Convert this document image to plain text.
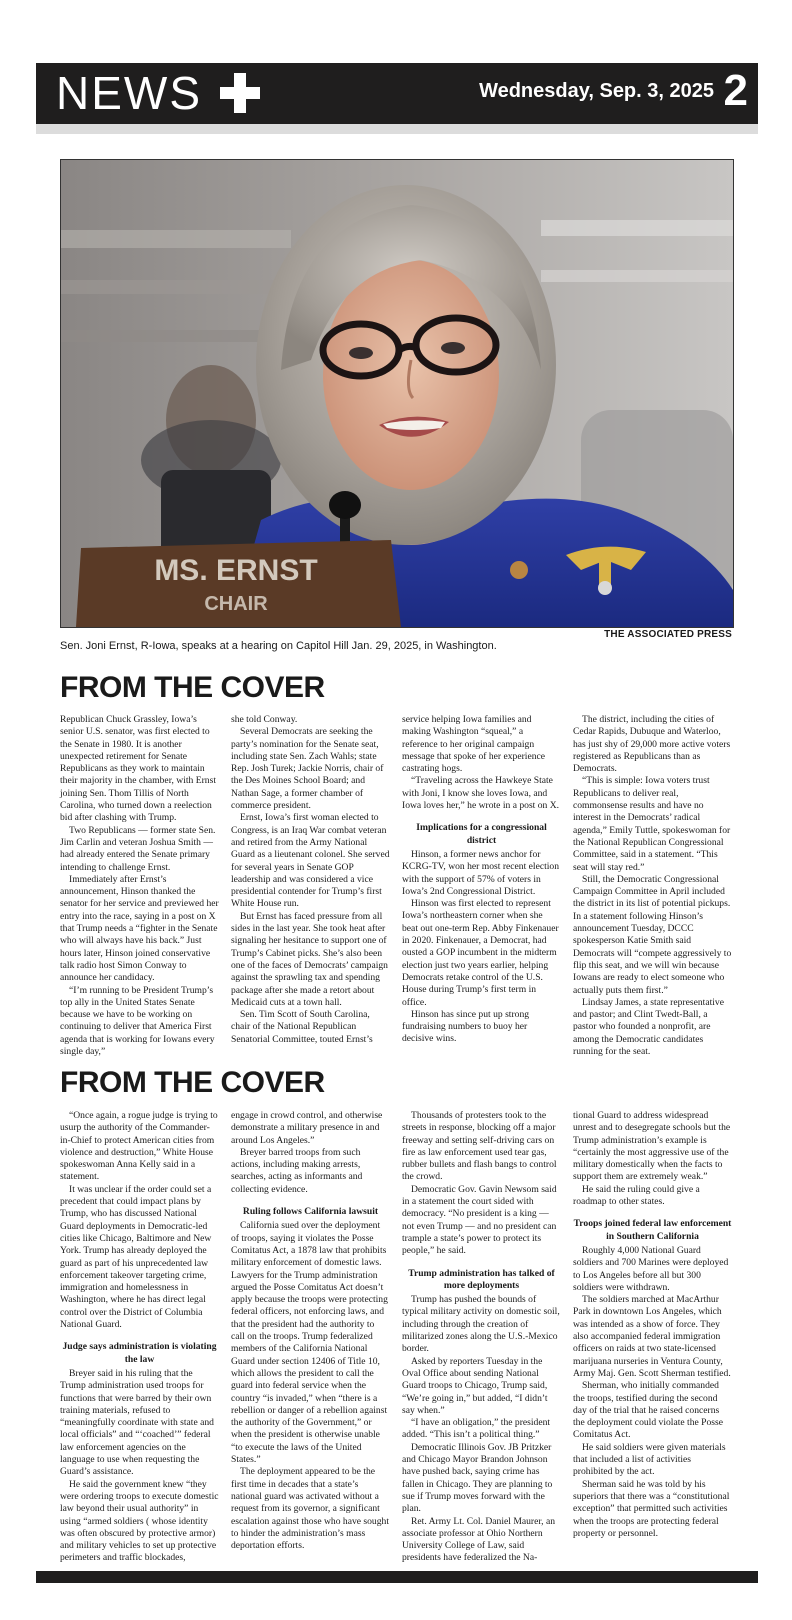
NEWS	Wednesday, Sep. 3, 2025 2
MS. ERNST
CHAIR
THE ASSOCIATED PRESS
Sen. Joni Ernst, R-Iowa, speaks at a hearing on Capitol Hill Jan. 29, 2025, in Washington.
FROM THE COVER

Republican Chuck Grassley, Iowa’s senior U.S. senator, was first elected to the Senate in 1980. It is another unexpected retirement for Senate Republicans as they work to maintain their majority in the chamber, with Ernst joining Sen. Thom Tillis of North Carolina, who turned down a reelection bid after clashing with Trump.

Two Republicans — former state Sen. Jim Carlin and veteran Joshua Smith — had already entered the Senate primary intending to challenge Ernst.

Immediately after Ernst’s announcement, Hinson thanked the senator for her service and previewed her entry into the race, saying in a post on X that Trump needs a “fighter in the Senate who will always have his back.” Just hours later, Hinson joined conservative talk radio host Simon Conway to announce her candidacy.

“I’m running to be President Trump’s top ally in the United States Senate because we have to be working on continuing to deliver that America First agenda that is working for Iowans every single day,”

she told Conway.

Several Democrats are seeking the party’s nomination for the Senate seat, including state Sen. Zach Wahls; state Rep. Josh Turek; Jackie Norris, chair of the Des Moines School Board; and Nathan Sage, a former chamber of commerce president.

Ernst, Iowa’s first woman elected to Congress, is an Iraq War combat veteran and retired from the Army National Guard as a lieutenant colonel. She served for several years in Senate GOP leadership and was considered a vice presidential contender for Trump’s first White House run.

But Ernst has faced pressure from all sides in the last year. She took heat after signaling her hesitance to support one of Trump’s Cabinet picks. She’s also been one of the faces of Democrats’ campaign against the sprawling tax and spending package after she made a retort about Medicaid cuts at a town hall.

Sen. Tim Scott of South Carolina, chair of the National Republican Senatorial Committee, touted Ernst’s

service helping Iowa families and making Washington “squeal,” a reference to her original campaign message that spoke of her experience castrating hogs.

“Traveling across the Hawkeye State with Joni, I know she loves Iowa, and Iowa loves her,” he wrote in a post on X.

Implications for a congressional district

Hinson, a former news anchor for KCRG-TV, won her most recent election with the support of 57% of voters in Iowa’s 2nd Congressional District.

Hinson was first elected to represent Iowa’s northeastern corner when she beat out one-term Rep. Abby Finkenauer in 2020. Finkenauer, a Democrat, had ousted a GOP incumbent in the midterm election just two years earlier, helping Democrats retake control of the U.S. House during Trump’s first term in office.

Hinson has since put up strong fundraising numbers to buoy her decisive wins.

The district, including the cities of Cedar Rapids, Dubuque and Waterloo, has just shy of 29,000 more active voters registered as Republicans than as Democrats.

“This is simple: Iowa voters trust Republicans to deliver real, commonsense results and have no interest in the Democrats’ radical agenda,” Emily Tuttle, spokeswoman for the National Republican Congressional Committee, said in a statement. “This seat will stay red.”

Still, the Democratic Congressional Campaign Committee in April included the district in its list of potential pickups. In a statement following Hinson’s announcement Tuesday, DCCC spokesperson Katie Smith said Democrats will “compete aggressively to flip this seat, and we will win because Iowans are ready to elect someone who actually puts them first.”

Lindsay James, a state representative and pastor; and Clint Twedt-Ball, a pastor who founded a nonprofit, are among the Democratic candidates running for the seat.

FROM THE COVER

“Once again, a rogue judge is trying to usurp the authority of the Commander-in-Chief to protect American cities from violence and destruction,” White House spokeswoman Anna Kelly said in a statement.

It was unclear if the order could set a precedent that could impact plans by Trump, who has discussed National Guard deployments in Democratic-led cities like Chicago, Baltimore and New York. Trump has already deployed the guard as part of his unprecedented law enforcement takeover targeting crime, immigration and homelessness in Washington, where he has direct legal control over the District of Columbia National Guard.

Judge says administration is violating the law

Breyer said in his ruling that the Trump administration used troops for functions that were barred by their own training materials, refused to “meaningfully coordinate with state and local officials” and “‘coached’” federal law enforcement agencies on the language to use when requesting the Guard’s assistance.

He said the government knew “they were ordering troops to execute domestic law beyond their usual authority” in using “armed soldiers ( whose identity was often obscured by protective armor) and military vehicles to set up protective perimeters and traffic blockades,

engage in crowd control, and otherwise demonstrate a military presence in and around Los Angeles.”

Breyer barred troops from such actions, including making arrests, searches, acting as informants and collecting evidence.

Ruling follows California lawsuit

California sued over the deployment of troops, saying it violates the Posse Comitatus Act, a 1878 law that prohibits military enforcement of domestic laws. Lawyers for the Trump administration argued the Posse Comitatus Act doesn’t apply because the troops were protecting federal officers, not enforcing laws, and that the president had the authority to call on the troops. Trump federalized members of the California National Guard under section 12406 of Title 10, which allows the president to call the guard into federal service when the country “is invaded,” when “there is a rebellion or danger of a rebellion against the authority of the Government,” or when the president is otherwise unable “to execute the laws of the United States.”

The deployment appeared to be the first time in decades that a state’s national guard was activated without a request from its governor, a significant escalation against those who have sought to hinder the administration’s mass deportation efforts.

Thousands of protesters took to the streets in response, blocking off a major freeway and setting self-driving cars on fire as law enforcement used tear gas, rubber bullets and flash bangs to control the crowd.

Democratic Gov. Gavin Newsom said in a statement the court sided with democracy. “No president is a king — not even Trump — and no president can trample a state’s power to protect its people,” he said.

Trump administration has talked of more deployments

Trump has pushed the bounds of typical military activity on domestic soil, including through the creation of militarized zones along the U.S.-Mexico border.

Asked by reporters Tuesday in the Oval Office about sending National Guard troops to Chicago, Trump said, “We’re going in,” but added, “I didn’t say when.”

“I have an obligation,” the president added. “This isn’t a political thing.”

Democratic Illinois Gov. JB Pritzker and Chicago Mayor Brandon Johnson have pushed back, saying crime has fallen in Chicago. They are planning to sue if Trump moves forward with the plan.

Ret. Army Lt. Col. Daniel Maurer, an associate professor at Ohio Northern University College of Law, said presidents have federalized the Na-

tional Guard to address widespread unrest and to desegregate schools but the Trump administration’s example is “certainly the most aggressive use of the military domestically when the facts to support them are extremely weak.”

He said the ruling could give a roadmap to other states.

Troops joined federal law enforcement in Southern California

Roughly 4,000 National Guard soldiers and 700 Marines were deployed to Los Angeles before all but 300 soldiers were withdrawn.

The soldiers marched at MacArthur Park in downtown Los Angeles, which was intended as a show of force. They also accompanied federal immigration officers on raids at two state-licensed marijuana nurseries in Ventura County, Army Maj. Gen. Scott Sherman testified.

Sherman, who initially commanded the troops, testified during the second day of the trial that he raised concerns the deployment could violate the Posse Comitatus Act.

He said soldiers were given materials that included a list of activities prohibited by the act.

Sherman said he was told by his superiors that there was a “constitutional exception” that permitted such activities when the troops are protecting federal property or personnel.
